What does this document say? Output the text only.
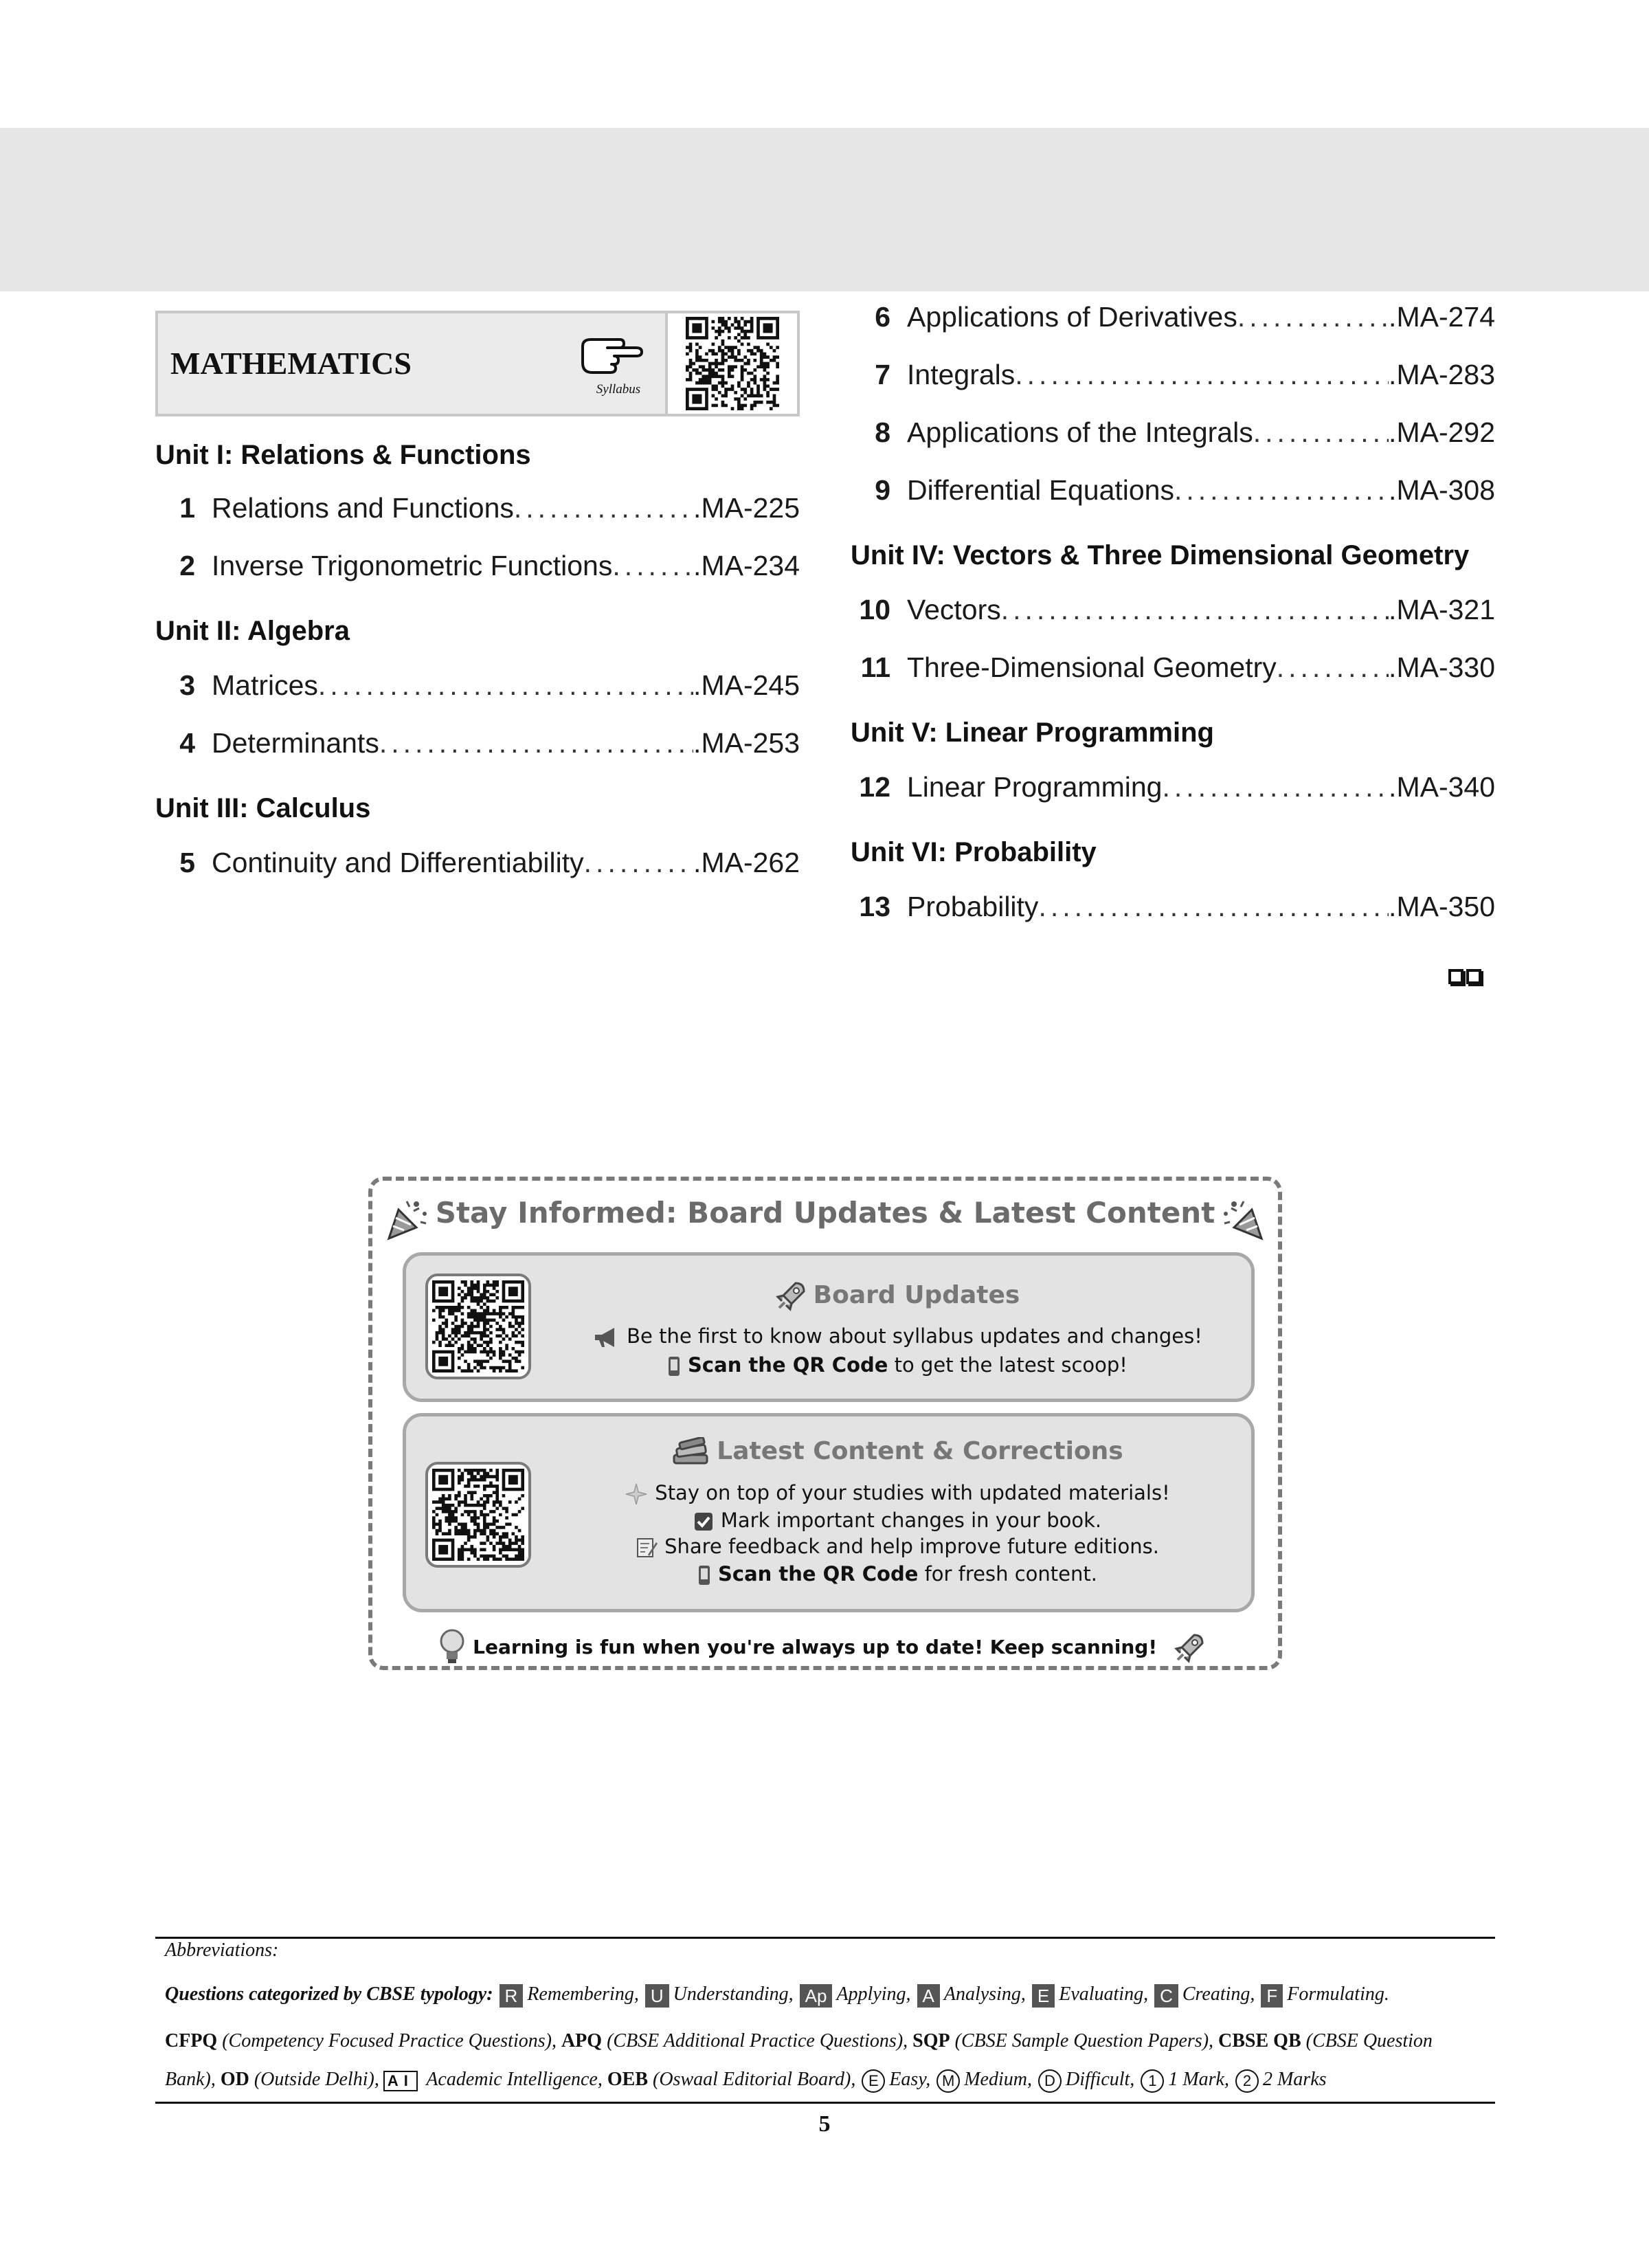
MATHEMATICS
Syllabus
Unit I: Relations & Functions
1 Relations and Functions .....	.MA-225
2 Inverse Trigonometric Functions .....	.MA-234
Unit II: Algebra
3 Matrices .....	.MA-245
4 Determinants .....	.MA-253
Unit III: Calculus
5 Continuity and Differentiability .....	.MA-262
6 Applications of Derivatives .....	.MA-274
7 Integrals .....	.MA-283
8 Applications of the Integrals .....	.MA-292
9 Differential Equations .....	.MA-308
Unit IV: Vectors & Three Dimensional Geometry
10 Vectors .....	.MA-321
11 Three-Dimensional Geometry .....	.MA-330
Unit V: Linear Programming
12 Linear Programming .....	.MA-340
Unit VI: Probability
13 Probability .....	.MA-350
Stay Informed: Board Updates & Latest Content
Board Updates
Be the first to know about syllabus updates and changes!
Scan the QR Code to get the latest scoop!
Latest Content & Corrections
Stay on top of your studies with updated materials!
Mark important changes in your book.
Share feedback and help improve future editions.
Scan the QR Code for fresh content.
Learning is fun when you're always up to date! Keep scanning!
Abbreviations:
Questions categorized by CBSE typology: R Remembering, U Understanding, Ap Applying, A Analysing, E Evaluating, C Creating, F Formulating.
CFPQ (Competency Focused Practice Questions), APQ (CBSE Additional Practice Questions), SQP (CBSE Sample Question Papers), CBSE QB (CBSE Question
Bank), OD (Outside Delhi), AI Academic Intelligence, OEB (Oswaal Editorial Board), E Easy, M Medium, D Difficult, 1 1 Mark, 2 2 Marks
5
